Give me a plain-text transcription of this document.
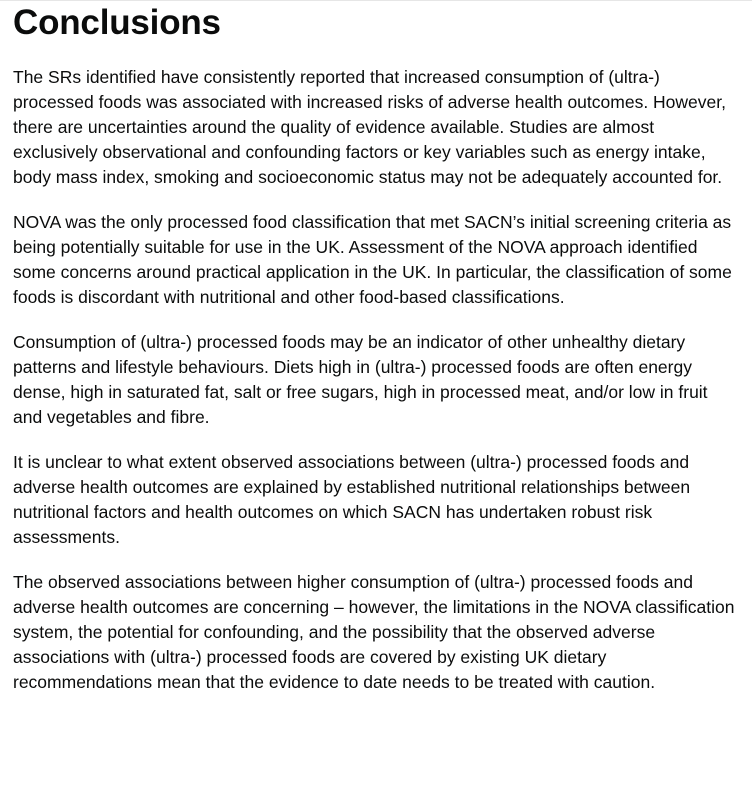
Conclusions

The SRs identified have consistently reported that increased consumption of (ultra-) processed foods was associated with increased risks of adverse health outcomes. However, there are uncertainties around the quality of evidence available. Studies are almost exclusively observational and confounding factors or key variables such as energy intake, body mass index, smoking and socioeconomic status may not be adequately accounted for.

NOVA was the only processed food classification that met SACN’s initial screening criteria as being potentially suitable for use in the UK. Assessment of the NOVA approach identified some concerns around practical application in the UK. In particular, the classification of some foods is discordant with nutritional and other food-based classifications.

Consumption of (ultra-) processed foods may be an indicator of other unhealthy dietary patterns and lifestyle behaviours. Diets high in (ultra-) processed foods are often energy dense, high in saturated fat, salt or free sugars, high in processed meat, and/or low in fruit and vegetables and fibre.

It is unclear to what extent observed associations between (ultra-) processed foods and adverse health outcomes are explained by established nutritional relationships between nutritional factors and health outcomes on which SACN has undertaken robust risk assessments.

The observed associations between higher consumption of (ultra-) processed foods and adverse health outcomes are concerning – however, the limitations in the NOVA classification system, the potential for confounding, and the possibility that the observed adverse associations with (ultra-) processed foods are covered by existing UK dietary recommendations mean that the evidence to date needs to be treated with caution.
